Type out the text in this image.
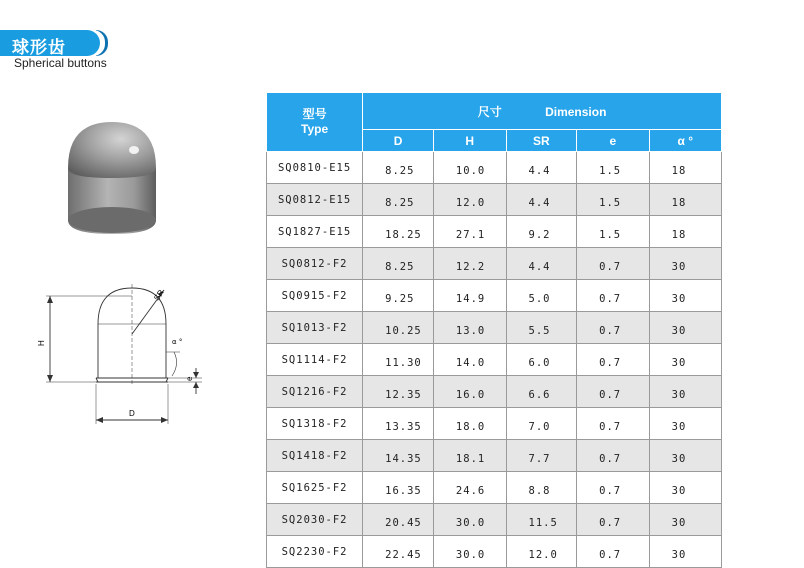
球形齿
Spherical buttons
H
D
SR
α °
e
型号
Type	尺寸 Dimension				
	D	H	SR	e	α °
SQ0810-E15	8.25	10.0	4.4	1.5	18
SQ0812-E15	8.25	12.0	4.4	1.5	18
SQ1827-E15	18.25	27.1	9.2	1.5	18
SQ0812-F2	8.25	12.2	4.4	0.7	30
SQ0915-F2	9.25	14.9	5.0	0.7	30
SQ1013-F2	10.25	13.0	5.5	0.7	30
SQ1114-F2	11.30	14.0	6.0	0.7	30
SQ1216-F2	12.35	16.0	6.6	0.7	30
SQ1318-F2	13.35	18.0	7.0	0.7	30
SQ1418-F2	14.35	18.1	7.7	0.7	30
SQ1625-F2	16.35	24.6	8.8	0.7	30
SQ2030-F2	20.45	30.0	11.5	0.7	30
SQ2230-F2	22.45	30.0	12.0	0.7	30
